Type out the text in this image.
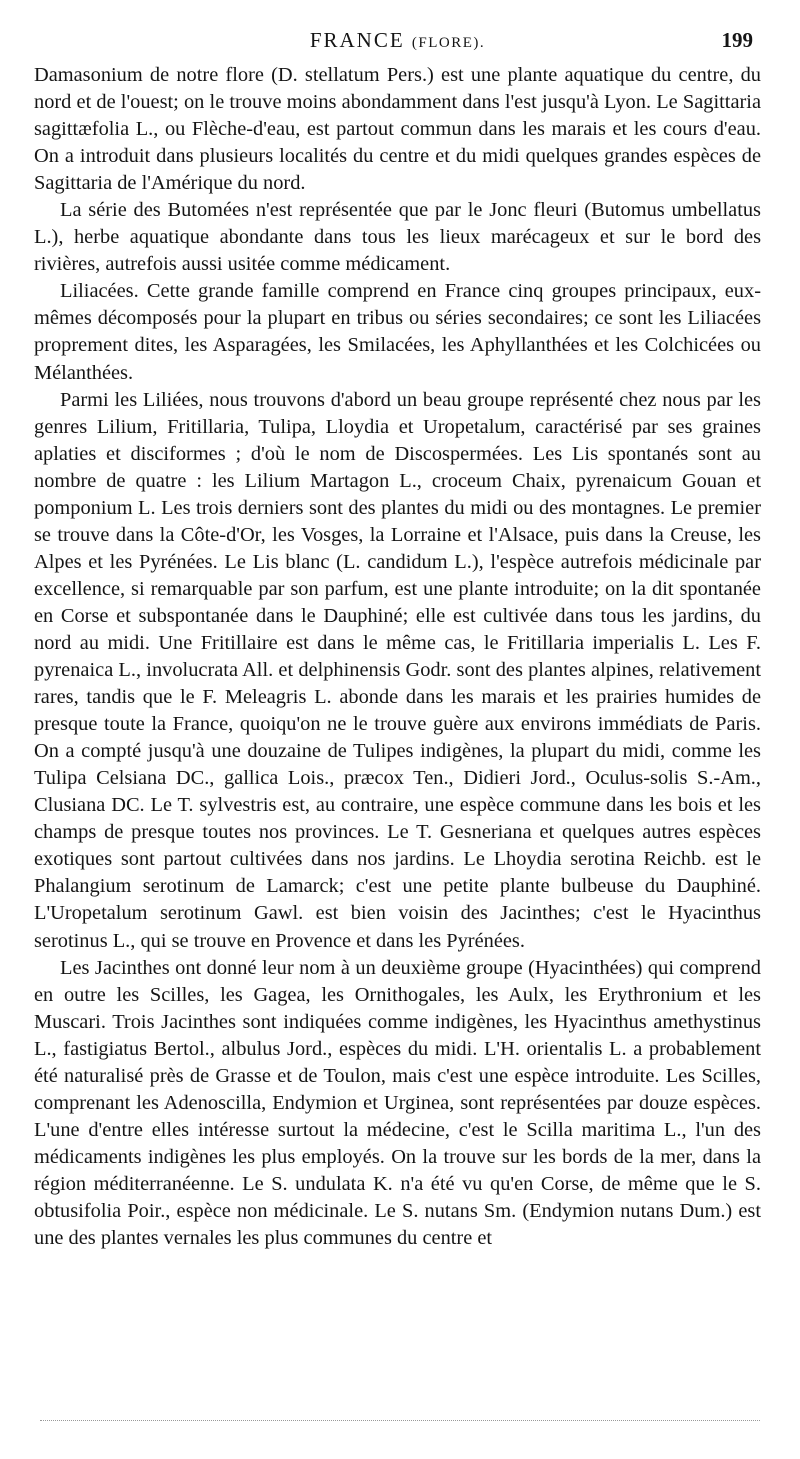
FRANCE (FLORE).	199

Damasonium de notre flore (D. stellatum Pers.) est une plante aquatique du centre, du nord et de l'ouest; on le trouve moins abondamment dans l'est jusqu'à Lyon. Le Sagittaria sagittæfolia L., ou Flèche-d'eau, est partout commun dans les marais et les cours d'eau. On a introduit dans plusieurs localités du centre et du midi quelques grandes espèces de Sagittaria de l'Amérique du nord.

La série des Butomées n'est représentée que par le Jonc fleuri (Butomus umbellatus L.), herbe aquatique abondante dans tous les lieux marécageux et sur le bord des rivières, autrefois aussi usitée comme médicament.

Liliacées. Cette grande famille comprend en France cinq groupes principaux, eux-mêmes décomposés pour la plupart en tribus ou séries secondaires; ce sont les Liliacées proprement dites, les Asparagées, les Smilacées, les Aphyllanthées et les Colchicées ou Mélanthées.

Parmi les Liliées, nous trouvons d'abord un beau groupe représenté chez nous par les genres Lilium, Fritillaria, Tulipa, Lloydia et Uropetalum, caractérisé par ses graines aplaties et disciformes ; d'où le nom de Discospermées. Les Lis spontanés sont au nombre de quatre : les Lilium Martagon L., croceum Chaix, pyrenaicum Gouan et pomponium L. Les trois derniers sont des plantes du midi ou des montagnes. Le premier se trouve dans la Côte-d'Or, les Vosges, la Lorraine et l'Alsace, puis dans la Creuse, les Alpes et les Pyrénées. Le Lis blanc (L. candidum L.), l'espèce autrefois médicinale par excellence, si remarquable par son parfum, est une plante introduite; on la dit spontanée en Corse et subspontanée dans le Dauphiné; elle est cultivée dans tous les jardins, du nord au midi. Une Fritillaire est dans le même cas, le Fritillaria imperialis L. Les F. pyrenaica L., involucrata All. et delphinensis Godr. sont des plantes alpines, relativement rares, tandis que le F. Meleagris L. abonde dans les marais et les prairies humides de presque toute la France, quoiqu'on ne le trouve guère aux environs immédiats de Paris. On a compté jusqu'à une douzaine de Tulipes indigènes, la plupart du midi, comme les Tulipa Celsiana DC., gallica Lois., præcox Ten., Didieri Jord., Oculus-solis S.-Am., Clusiana DC. Le T. sylvestris est, au contraire, une espèce commune dans les bois et les champs de presque toutes nos provinces. Le T. Gesneriana et quelques autres espèces exotiques sont partout cultivées dans nos jardins. Le Lhoydia serotina Reichb. est le Phalangium serotinum de Lamarck; c'est une petite plante bulbeuse du Dauphiné. L'Uropetalum serotinum Gawl. est bien voisin des Jacinthes; c'est le Hyacinthus serotinus L., qui se trouve en Provence et dans les Pyrénées.

Les Jacinthes ont donné leur nom à un deuxième groupe (Hyacinthées) qui comprend en outre les Scilles, les Gagea, les Ornithogales, les Aulx, les Erythronium et les Muscari. Trois Jacinthes sont indiquées comme indigènes, les Hyacinthus amethystinus L., fastigiatus Bertol., albulus Jord., espèces du midi. L'H. orientalis L. a probablement été naturalisé près de Grasse et de Toulon, mais c'est une espèce introduite. Les Scilles, comprenant les Adenoscilla, Endymion et Urginea, sont représentées par douze espèces. L'une d'entre elles intéresse surtout la médecine, c'est le Scilla maritima L., l'un des médicaments indigènes les plus employés. On la trouve sur les bords de la mer, dans la région méditerranéenne. Le S. undulata K. n'a été vu qu'en Corse, de même que le S. obtusifolia Poir., espèce non médicinale. Le S. nutans Sm. (Endymion nutans Dum.) est une des plantes vernales les plus communes du centre et
